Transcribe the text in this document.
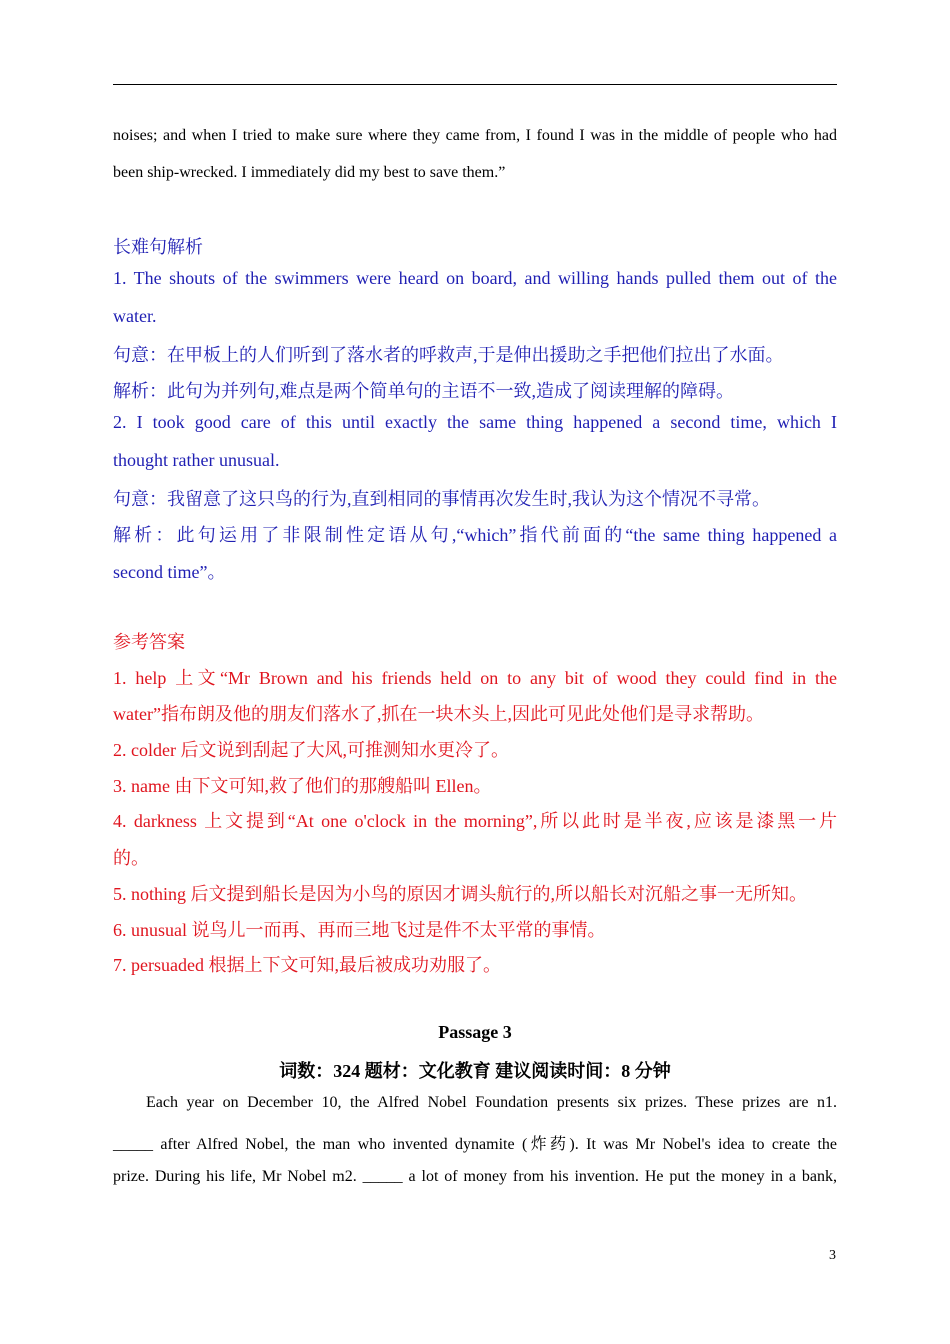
noises; and when I tried to make sure where they came from, I found I was in the middle of people who had
been ship-wrecked. I immediately did my best to save them.”
长难句解析
1. The shouts of the swimmers were heard on board, and willing hands pulled them out of the
water.
句意：在甲板上的人们听到了落水者的呼救声,于是伸出援助之手把他们拉出了水面。
解析：此句为并列句,难点是两个简单句的主语不一致,造成了阅读理解的障碍。
2. I took good care of this until exactly the same thing happened a second time, which I
thought rather unusual.
句意：我留意了这只鸟的行为,直到相同的事情再次发生时,我认为这个情况不寻常。
解析：此句运用了非限制性定语从句,“which”指代前面的“the same thing happened a
second time”。
参考答案
1. help 上文“Mr Brown and his friends held on to any bit of wood they could find in the
water”指布朗及他的朋友们落水了,抓在一块木头上,因此可见此处他们是寻求帮助。
2. colder 后文说到刮起了大风,可推测知水更冷了。
3. name 由下文可知,救了他们的那艘船叫 Ellen。
4. darkness 上文提到“At one o'clock in the morning”,所以此时是半夜,应该是漆黑一片
的。
5. nothing 后文提到船长是因为小鸟的原因才调头航行的,所以船长对沉船之事一无所知。
6. unusual 说鸟儿一而再、再而三地飞过是件不太平常的事情。
7. persuaded 根据上下文可知,最后被成功劝服了。
Passage 3
词数：324 题材：文化教育 建议阅读时间：8 分钟
Each year on December 10, the Alfred Nobel Foundation presents six prizes. These prizes are n1.
_____ after Alfred Nobel, the man who invented dynamite (炸药). It was Mr Nobel's idea to create the
prize. During his life, Mr Nobel m2. _____ a lot of money from his invention. He put the money in a bank,
3
